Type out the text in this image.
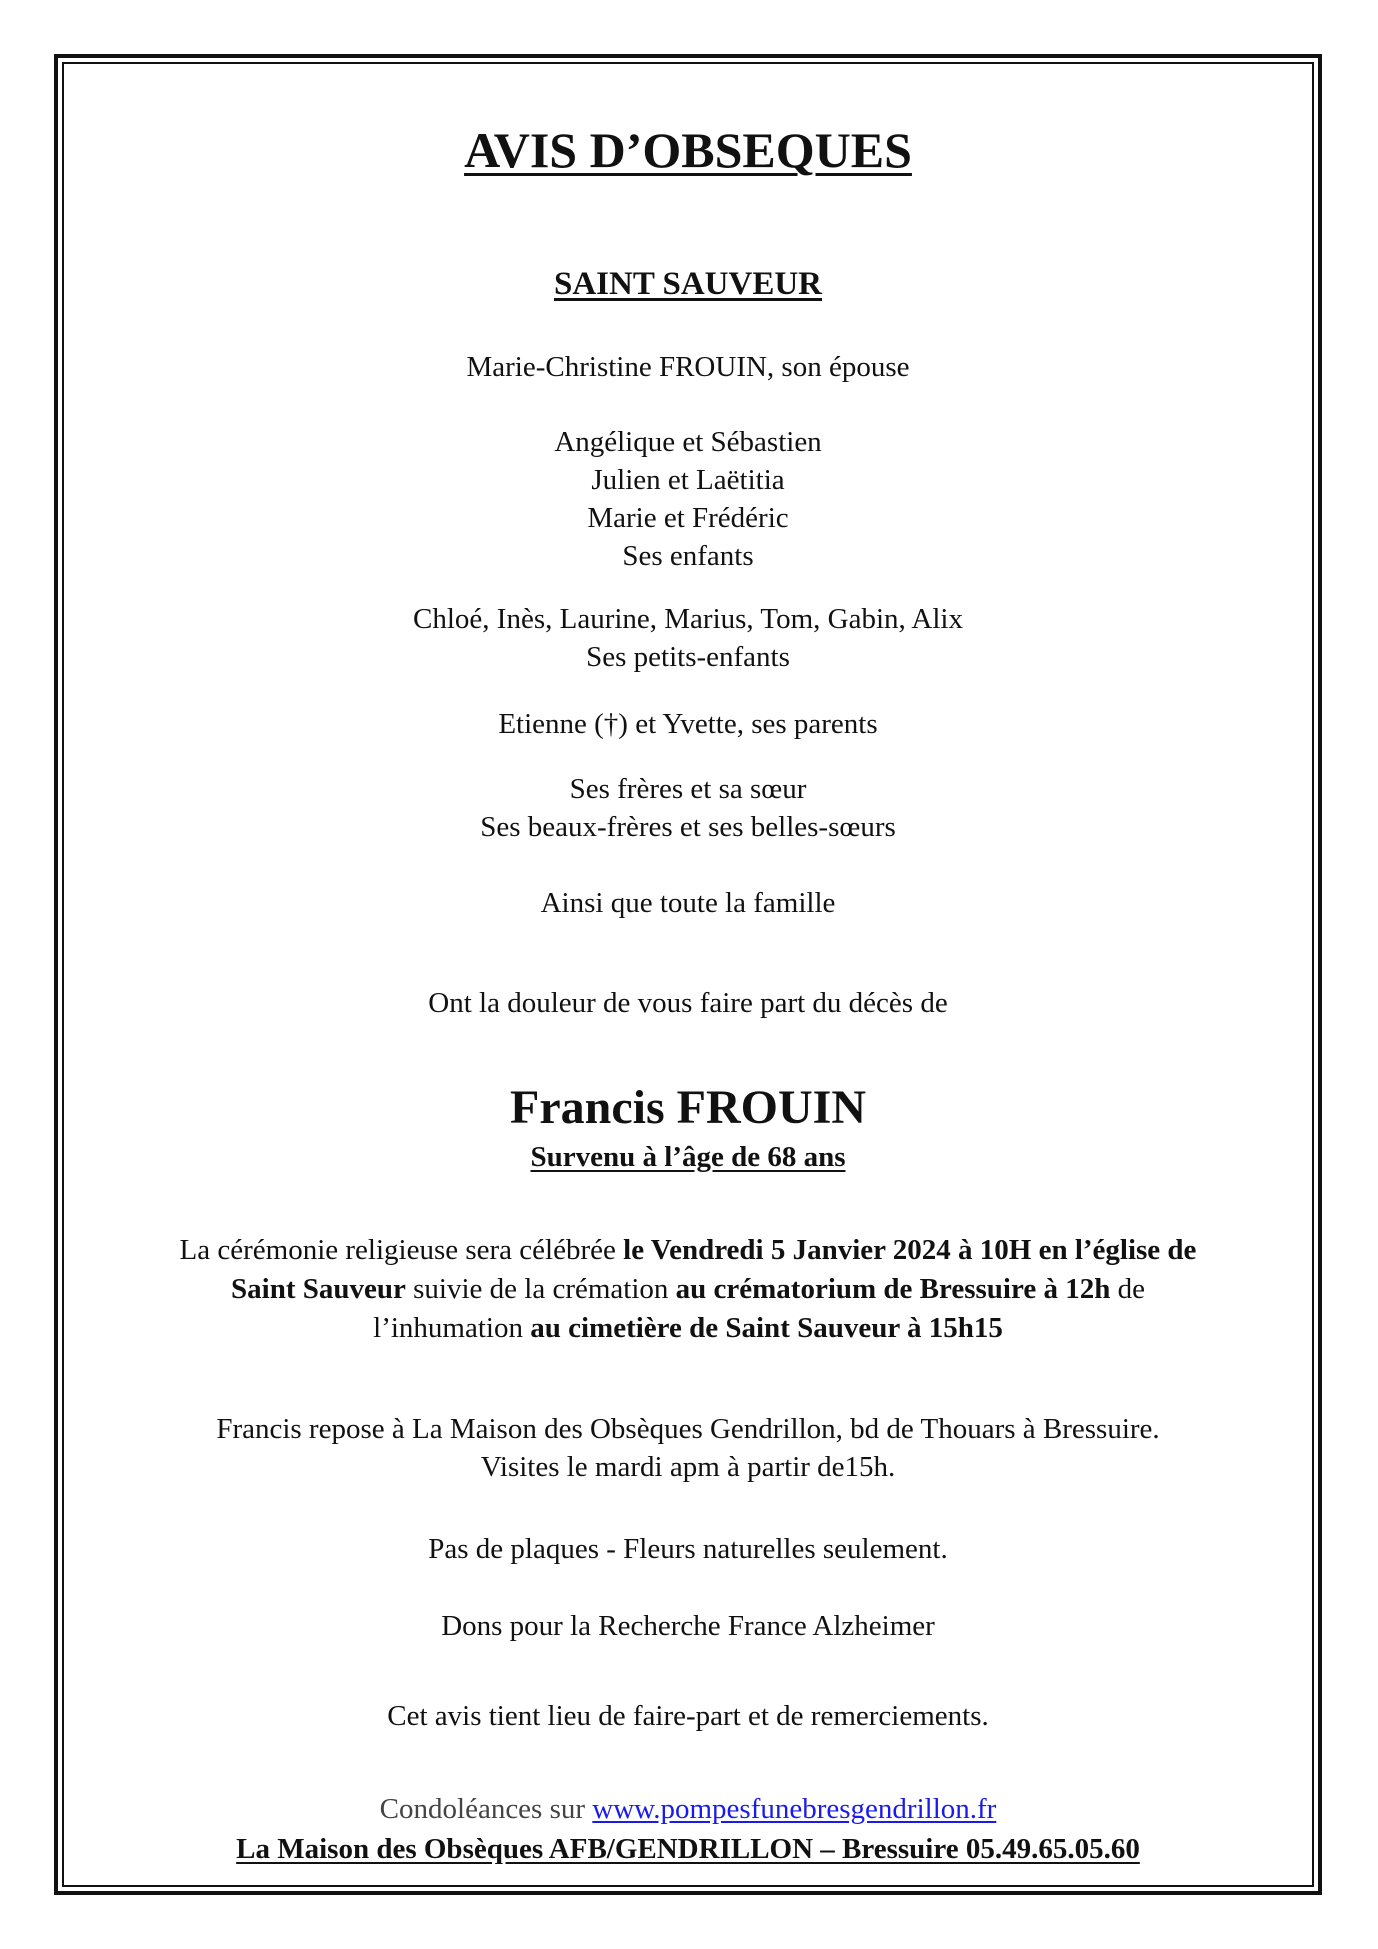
AVIS D’OBSEQUES
SAINT SAUVEUR
Marie-Christine FROUIN, son épouse
Angélique et Sébastien
Julien et Laëtitia
Marie et Frédéric
Ses enfants
Chloé, Inès, Laurine, Marius, Tom, Gabin, Alix
Ses petits-enfants
Etienne (†) et Yvette, ses parents
Ses frères et sa sœur
Ses beaux-frères et ses belles-sœurs
Ainsi que toute la famille
Ont la douleur de vous faire part du décès de
Francis FROUIN
Survenu à l’âge de 68 ans
La cérémonie religieuse sera célébrée le Vendredi 5 Janvier 2024 à 10H en l’église de
Saint Sauveur suivie de la crémation au crématorium de Bressuire à 12h de
l’inhumation au cimetière de Saint Sauveur à 15h15
Francis repose à La Maison des Obsèques Gendrillon, bd de Thouars à Bressuire.
Visites le mardi apm à partir de15h.
Pas de plaques - Fleurs naturelles seulement.
Dons pour la Recherche France Alzheimer
Cet avis tient lieu de faire-part et de remerciements.
Condoléances sur www.pompesfunebresgendrillon.fr
La Maison des Obsèques AFB/GENDRILLON – Bressuire 05.49.65.05.60
